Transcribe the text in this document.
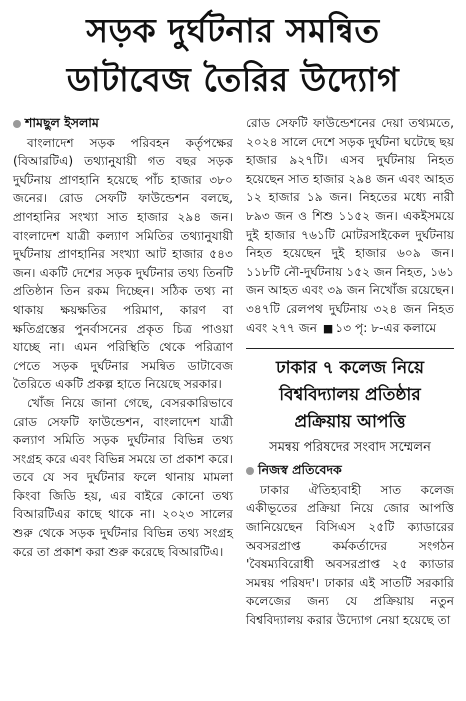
সড়ক দুর্ঘটনার সমন্বিত
ডাটাবেজ তৈরির উদ্যোগ
শামছুল ইসলাম

বাংলাদেশ সড়ক পরিবহন কর্তৃপক্ষের (বিআরটিএ) তথ্যানুযায়ী গত বছর সড়ক দুর্ঘটনায় প্রাণহানি হয়েছে পাঁচ হাজার ৩৮০ জনের। রোড সেফটি ফাউন্ডেশন বলছে, প্রাণহানির সংখ্যা সাত হাজার ২৯৪ জন। বাংলাদেশ যাত্রী কল্যাণ সমিতির তথ্যানুযায়ী দুর্ঘটনায় প্রাণহানির সংখ্যা আট হাজার ৫৪৩ জন। একটি দেশের সড়ক দুর্ঘটনার তথ্য তিনটি প্রতিষ্ঠান তিন রকম দিচ্ছেন। সঠিক তথ্য না থাকায় ক্ষয়ক্ষতির পরিমাণ, কারণ বা ক্ষতিগ্রস্তের পুনর্বাসনের প্রকৃত চিত্র পাওয়া যাচ্ছে না। এমন পরিস্থিতি থেকে পরিত্রাণ পেতে সড়ক দুর্ঘটনার সমন্বিত ডাটাবেজ তৈরিতে একটি প্রকল্প হাতে নিয়েছে সরকার।

খোঁজ নিয়ে জানা গেছে, বেসরকারিভাবে রোড সেফটি ফাউন্ডেশন, বাংলাদেশ যাত্রী কল্যাণ সমিতি সড়ক দুর্ঘটনার বিভিন্ন তথ্য সংগ্রহ করে এবং বিভিন্ন সময়ে তা প্রকাশ করে। তবে যে সব দুর্ঘটনার ফলে থানায় মামলা কিংবা জিডি হয়, এর বাইরে কোনো তথ্য বিআরটিএর কাছে থাকে না। ২০২৩ সালের শুরু থেকে সড়ক দুর্ঘটনার বিভিন্ন তথ্য সংগ্রহ করে তা প্রকাশ করা শুরু করেছে বিআরটিএ।

রোড সেফটি ফাউন্ডেশনের দেয়া তথ্যমতে, ২০২৪ সালে দেশে সড়ক দুর্ঘটনা ঘটেছে ছয় হাজার ৯২৭টি। এসব দুর্ঘটনায় নিহত হয়েছেন সাত হাজার ২৯৪ জন এবং আহত ১২ হাজার ১৯ জন। নিহতের মধ্যে নারী ৮৯৩ জন ও শিশু ১১৫২ জন। একইসময়ে দুই হাজার ৭৬১টি মোটরসাইকেল দুর্ঘটনায় নিহত হয়েছেন দুই হাজার ৬০৯ জন। ১১৮টি নৌ-দুর্ঘটনায় ১৫২ জন নিহত, ১৬১ জন আহত এবং ৩৯ জন নিখোঁজ রয়েছেন। ৩৪৭টি রেলপথ দুর্ঘটনায় ৩২৪ জন নিহত এবং ২৭৭ জন ■ ১৩ পৃ: ৮-এর কলামে

ঢাকার ৭ কলেজ নিয়ে
বিশ্ববিদ্যালয় প্রতিষ্ঠার
প্রক্রিয়ায় আপত্তি
সমন্বয় পরিষদের সংবাদ সম্মেলন
নিজস্ব প্রতিবেদক

ঢাকার ঐতিহ্যবাহী সাত কলেজ একীভূতের প্রক্রিয়া নিয়ে জোর আপত্তি জানিয়েছেন বিসিএস ২৫টি ক্যাডারের অবসরপ্রাপ্ত কর্মকর্তাদের সংগঠন 'বৈষম্যবিরোধী অবসরপ্রাপ্ত ২৫ ক্যাডার সমন্বয় পরিষদ'। ঢাকার এই সাতটি সরকারি কলেজের জন্য যে প্রক্রিয়ায় নতুন বিশ্ববিদ্যালয় করার উদ্যোগ নেয়া হয়েছে তা
